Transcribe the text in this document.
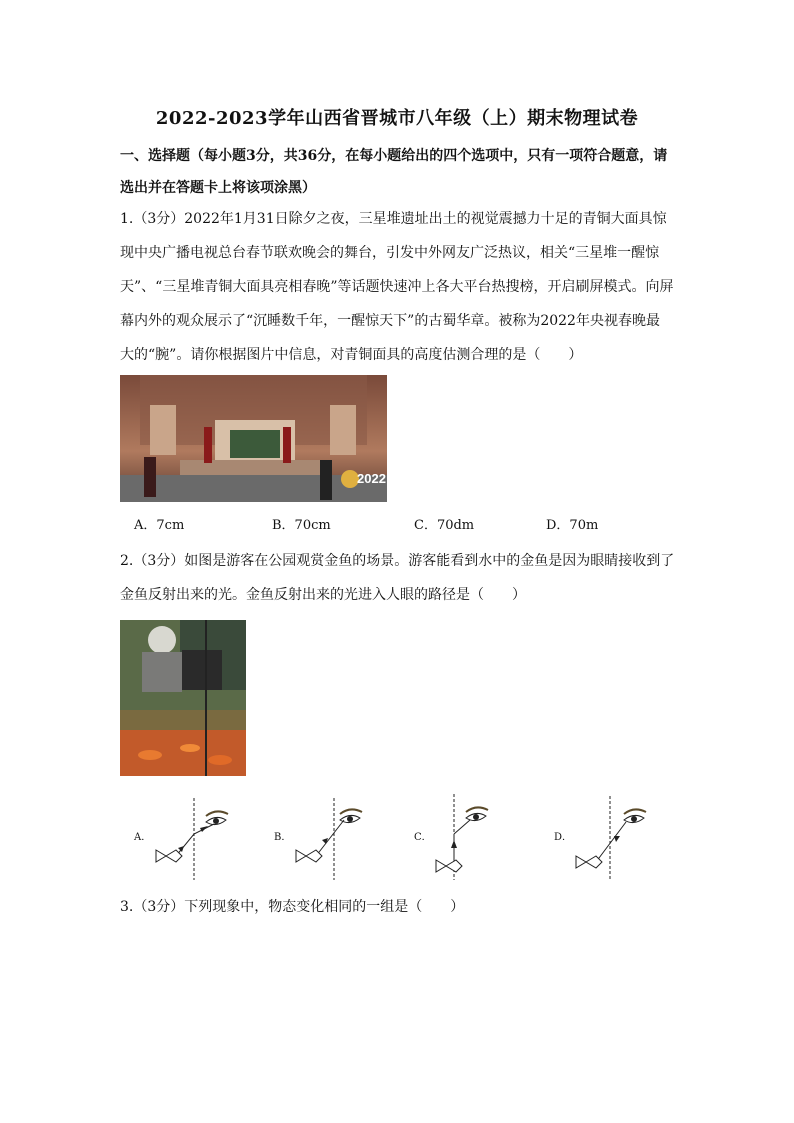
2022-2023学年山西省晋城市八年级（上）期末物理试卷
一、选择题（每小题3分，共36分，在每小题给出的四个选项中，只有一项符合题意，请
选出并在答题卡上将该项涂黑）
1.（3分）2022年1月31日除夕之夜，三星堆遗址出土的视觉震撼力十足的青铜大面具惊
现中央广播电视总台春节联欢晚会的舞台，引发中外网友广泛热议，相关“三星堆一醒惊
天”、“三星堆青铜大面具亮相春晚”等话题快速冲上各大平台热搜榜，开启刷屏模式。向屏
幕内外的观众展示了“沉睡数千年，一醒惊天下”的古蜀华章。被称为2022年央视春晚最
大的“腕”。请你根据图片中信息，对青铜面具的高度估测合理的是（　　）
2022
A．7cm	B．70cm	C．70dm	D．70m
2.（3分）如图是游客在公园观赏金鱼的场景。游客能看到水中的金鱼是因为眼睛接收到了
金鱼反射出来的光。金鱼反射出来的光进入人眼的路径是（　　）
A．	B．	C．	D．
3.（3分）下列现象中，物态变化相同的一组是（　　）
